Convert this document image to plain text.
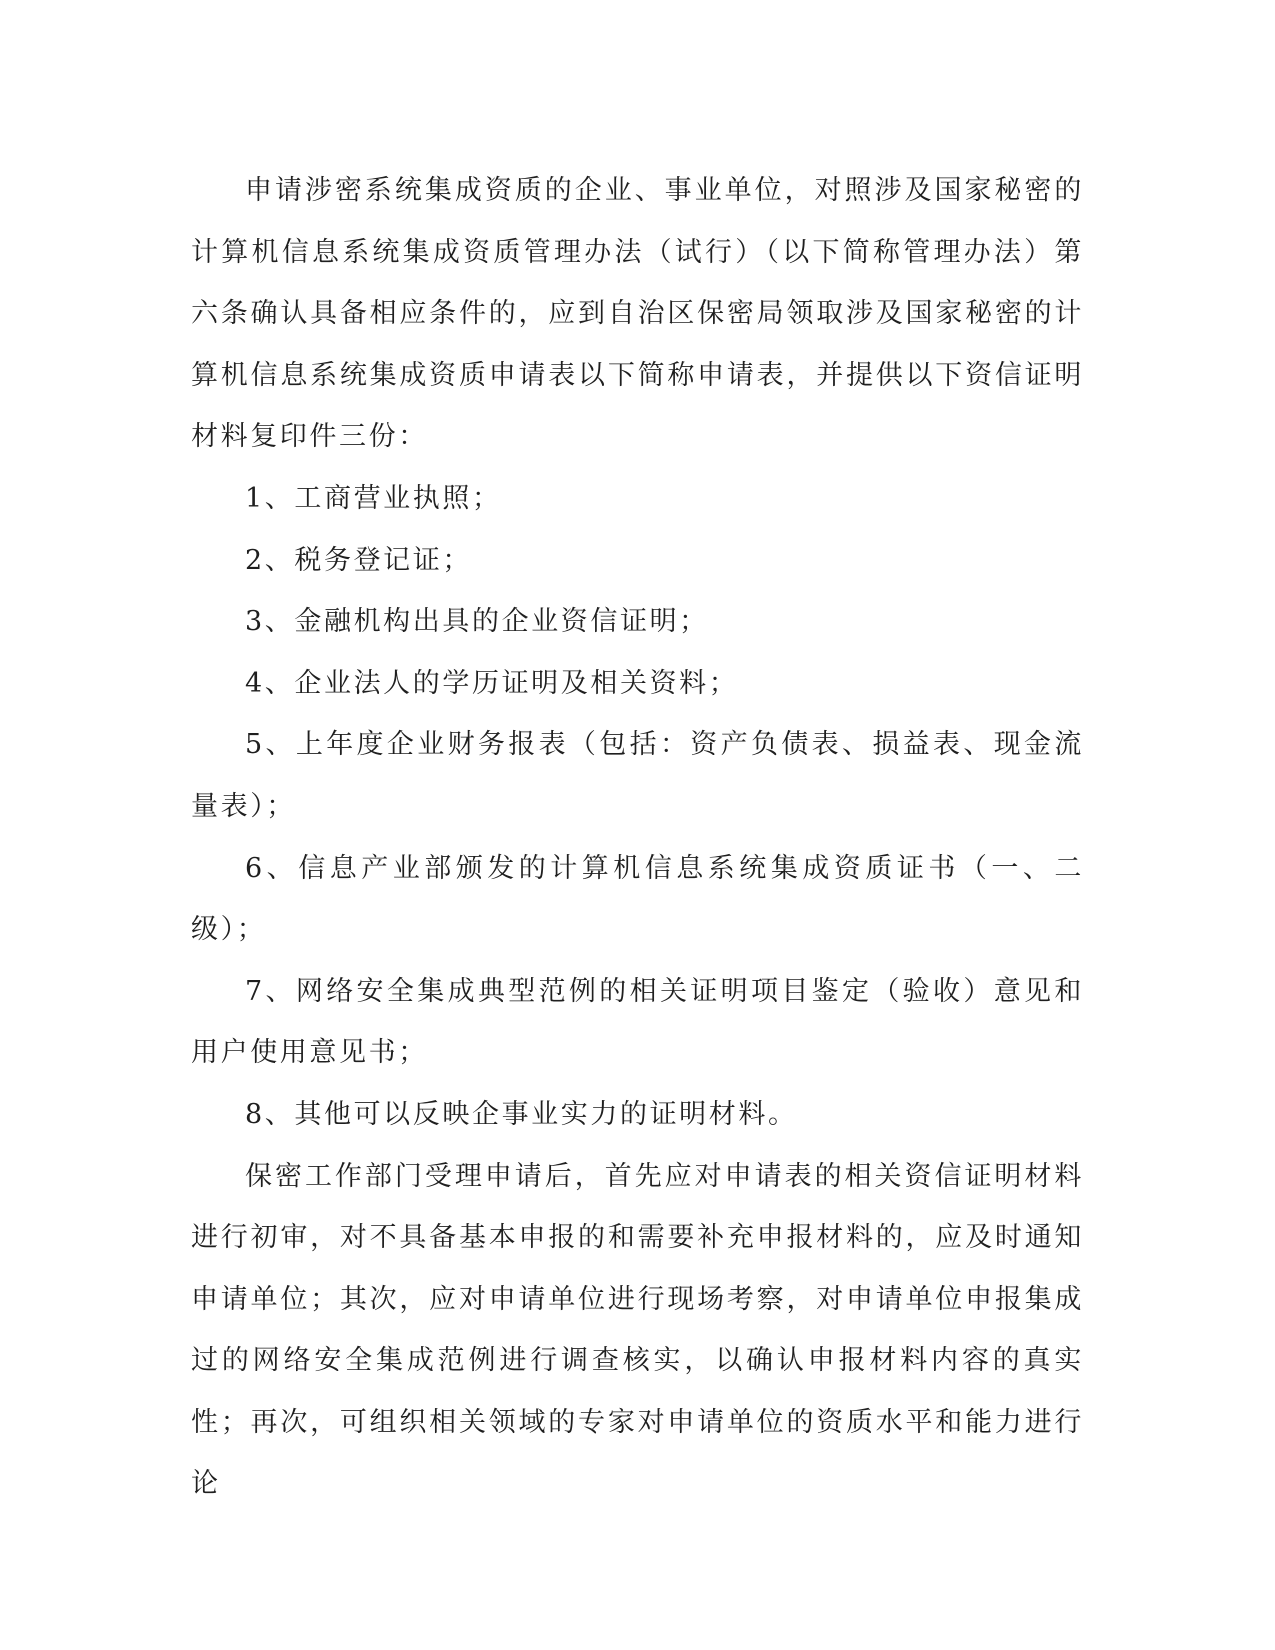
申请涉密系统集成资质的企业、事业单位，对照涉及国家秘密的计算机信息系统集成资质管理办法（试行）（以下简称管理办法）第六条确认具备相应条件的，应到自治区保密局领取涉及国家秘密的计算机信息系统集成资质申请表以下简称申请表，并提供以下资信证明材料复印件三份：

1、工商营业执照；

2、税务登记证；

3、金融机构出具的企业资信证明；

4、企业法人的学历证明及相关资料；

5、上年度企业财务报表（包括：资产负债表、损益表、现金流量表）；

6、信息产业部颁发的计算机信息系统集成资质证书（一、二级）；

7、网络安全集成典型范例的相关证明项目鉴定（验收）意见和用户使用意见书；

8、其他可以反映企事业实力的证明材料。

保密工作部门受理申请后，首先应对申请表的相关资信证明材料进行初审，对不具备基本申报的和需要补充申报材料的，应及时通知申请单位；其次，应对申请单位进行现场考察，对申请单位申报集成过的网络安全集成范例进行调查核实，以确认申报材料内容的真实性；再次，可组织相关领域的专家对申请单位的资质水平和能力进行论
